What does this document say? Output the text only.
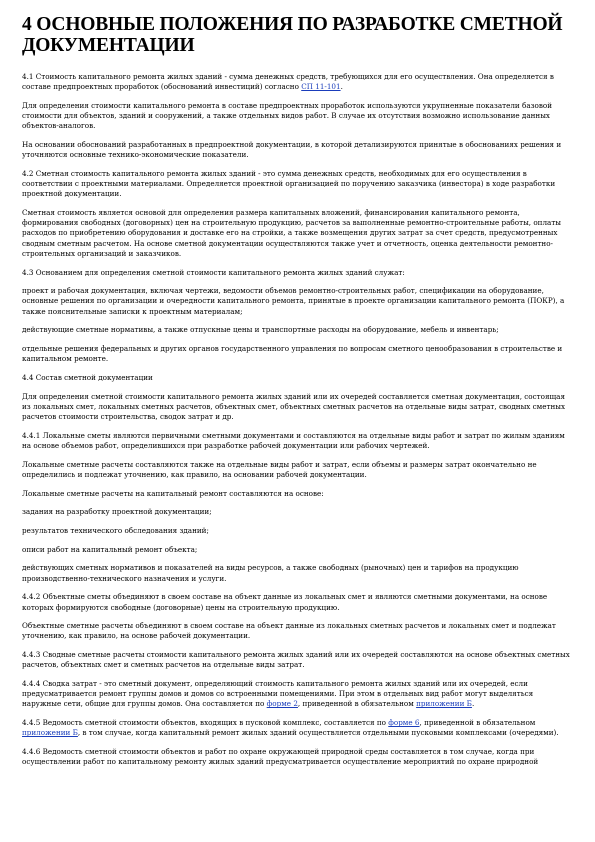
4 ОСНОВНЫЕ ПОЛОЖЕНИЯ ПО РАЗРАБОТКЕ СМЕТНОЙ ДОКУМЕНТАЦИИ

4.1 Стоимость капитального ремонта жилых зданий - сумма денежных средств, требующихся для его осуществления. Она определяется в составе предпроектных проработок (обоснований инвестиций) согласно СП 11-101.

Для определения стоимости капитального ремонта в составе предпроектных проработок используются укрупненные показатели базовой стоимости для объектов, зданий и сооружений, а также отдельных видов работ. В случае их отсутствия возможно использование данных объектов-аналогов.

На основании обоснований разработанных в предпроектной документации, в которой детализируются принятые в обоснованиях решения и уточняются основные технико-экономические показатели.

4.2 Сметная стоимость капитального ремонта жилых зданий - это сумма денежных средств, необходимых для его осуществления в соответствии с проектными материалами. Определяется проектной организацией по поручению заказчика (инвестора) в ходе разработки проектной документации.

Сметная стоимость является основой для определения размера капитальных вложений, финансирования капитального ремонта, формирования свободных (договорных) цен на строительную продукцию, расчетов за выполненные ремонтно-строительные работы, оплаты расходов по приобретению оборудования и доставке его на стройки, а также возмещения других затрат за счет средств, предусмотренных сводным сметным расчетом. На основе сметной документации осуществляются также учет и отчетность, оценка деятельности ремонтно-строительных организаций и заказчиков.

4.3 Основанием для определения сметной стоимости капитального ремонта жилых зданий служат:

проект и рабочая документация, включая чертежи, ведомости объемов ремонтно-строительных работ, спецификации на оборудование, основные решения по организации и очередности капитального ремонта, принятые в проекте организации капитального ремонта (ПОКР), а также пояснительные записки к проектным материалам;

действующие сметные нормативы, а также отпускные цены и транспортные расходы на оборудование, мебель и инвентарь;

отдельные решения федеральных и других органов государственного управления по вопросам сметного ценообразования в строительстве и капитальном ремонте.

4.4 Состав сметной документации

Для определения сметной стоимости капитального ремонта жилых зданий или их очередей составляется сметная документация, состоящая из локальных смет, локальных сметных расчетов, объектных смет, объектных сметных расчетов на отдельные виды затрат, сводных сметных расчетов стоимости строительства, сводок затрат и др.

4.4.1 Локальные сметы являются первичными сметными документами и составляются на отдельные виды работ и затрат по жилым зданиям на основе объемов работ, определившихся при разработке рабочей документации или рабочих чертежей.

Локальные сметные расчеты составляются также на отдельные виды работ и затрат, если объемы и размеры затрат окончательно не определились и подлежат уточнению, как правило, на основании рабочей документации.

Локальные сметные расчеты на капитальный ремонт составляются на основе:

задания на разработку проектной документации;

результатов технического обследования зданий;

описи работ на капитальный ремонт объекта;

действующих сметных нормативов и показателей на виды ресурсов, а также свободных (рыночных) цен и тарифов на продукцию производственно-технического назначения и услуги.

4.4.2 Объектные сметы объединяют в своем составе на объект данные из локальных смет и являются сметными документами, на основе которых формируются свободные (договорные) цены на строительную продукцию.

Объектные сметные расчеты объединяют в своем составе на объект данные из локальных сметных расчетов и локальных смет и подлежат уточнению, как правило, на основе рабочей документации.

4.4.3 Сводные сметные расчеты стоимости капитального ремонта жилых зданий или их очередей составляются на основе объектных сметных расчетов, объектных смет и сметных расчетов на отдельные виды затрат.

4.4.4 Сводка затрат - это сметный документ, определяющий стоимость капитального ремонта жилых зданий или их очередей, если предусматривается ремонт группы домов и домов со встроенными помещениями. При этом в отдельных вид работ могут выделяться наружные сети, общие для группы домов. Она составляется по форме 2, приведенной в обязательном приложении Б.

4.4.5 Ведомость сметной стоимости объектов, входящих в пусковой комплекс, составляется по форме 6, приведенной в обязательном приложении Б, в том случае, когда капитальный ремонт жилых зданий осуществляется отдельными пусковыми комплексами (очередями).

4.4.6 Ведомость сметной стоимости объектов и работ по охране окружающей природной среды составляется в том случае, когда при осуществлении работ по капитальному ремонту жилых зданий предусматривается осуществление мероприятий по охране природной
